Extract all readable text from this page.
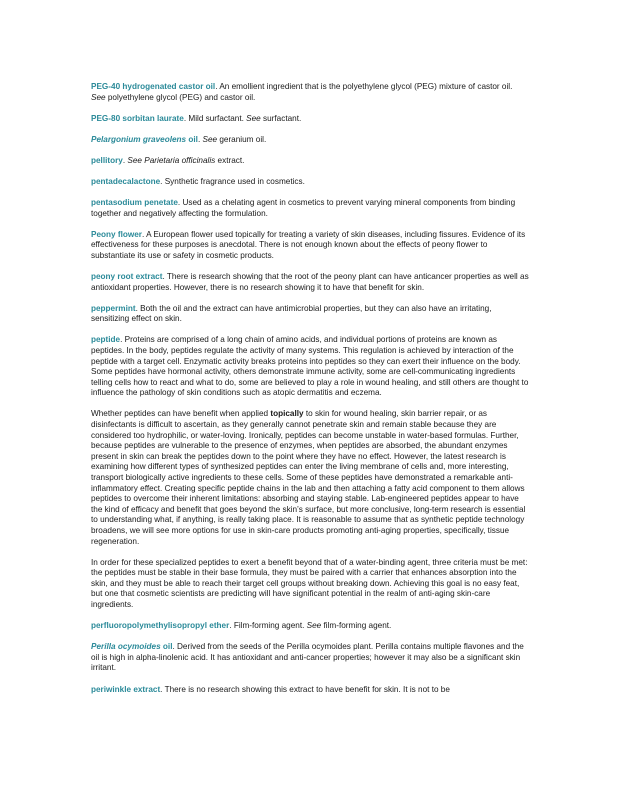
PEG-40 hydrogenated castor oil. An emollient ingredient that is the polyethylene glycol (PEG) mixture of castor oil. See polyethylene glycol (PEG) and castor oil.

PEG-80 sorbitan laurate. Mild surfactant. See surfactant.

Pelargonium graveolens oil. See geranium oil.

pellitory. See Parietaria officinalis extract.

pentadecalactone. Synthetic fragrance used in cosmetics.

pentasodium penetate. Used as a chelating agent in cosmetics to prevent varying mineral components from binding together and negatively affecting the formulation.

Peony flower. A European flower used topically for treating a variety of skin diseases, including fissures. Evidence of its effectiveness for these purposes is anecdotal. There is not enough known about the effects of peony flower to substantiate its use or safety in cosmetic products.

peony root extract. There is research showing that the root of the peony plant can have anticancer properties as well as antioxidant properties. However, there is no research showing it to have that benefit for skin.

peppermint. Both the oil and the extract can have antimicrobial properties, but they can also have an irritating, sensitizing effect on skin.

peptide. Proteins are comprised of a long chain of amino acids, and individual portions of proteins are known as peptides. In the body, peptides regulate the activity of many systems. This regulation is achieved by interaction of the peptide with a target cell. Enzymatic activity breaks proteins into peptides so they can exert their influence on the body. Some peptides have hormonal activity, others demonstrate immune activity, some are cell-communicating ingredients telling cells how to react and what to do, some are believed to play a role in wound healing, and still others are thought to influence the pathology of skin conditions such as atopic dermatitis and eczema.

Whether peptides can have benefit when applied topically to skin for wound healing, skin barrier repair, or as disinfectants is difficult to ascertain, as they generally cannot penetrate skin and remain stable because they are considered too hydrophilic, or water-loving. Ironically, peptides can become unstable in water-based formulas. Further, because peptides are vulnerable to the presence of enzymes, when peptides are absorbed, the abundant enzymes present in skin can break the peptides down to the point where they have no effect. However, the latest research is examining how different types of synthesized peptides can enter the living membrane of cells and, more interesting, transport biologically active ingredients to these cells. Some of these peptides have demonstrated a remarkable anti-inflammatory effect. Creating specific peptide chains in the lab and then attaching a fatty acid component to them allows peptides to overcome their inherent limitations: absorbing and staying stable. Lab-engineered peptides appear to have the kind of efficacy and benefit that goes beyond the skin’s surface, but more conclusive, long-term research is essential to understanding what, if anything, is really taking place. It is reasonable to assume that as synthetic peptide technology broadens, we will see more options for use in skin-care products promoting anti-aging properties, specifically, tissue regeneration.

In order for these specialized peptides to exert a benefit beyond that of a water-binding agent, three criteria must be met: the peptides must be stable in their base formula, they must be paired with a carrier that enhances absorption into the skin, and they must be able to reach their target cell groups without breaking down. Achieving this goal is no easy feat, but one that cosmetic scientists are predicting will have significant potential in the realm of anti-aging skin-care ingredients.

perfluoropolymethylisopropyl ether. Film-forming agent. See film-forming agent.

Perilla ocymoides oil. Derived from the seeds of the Perilla ocymoides plant. Perilla contains multiple flavones and the oil is high in alpha-linolenic acid. It has antioxidant and anti-cancer properties; however it may also be a significant skin irritant.

periwinkle extract. There is no research showing this extract to have benefit for skin. It is not to be
